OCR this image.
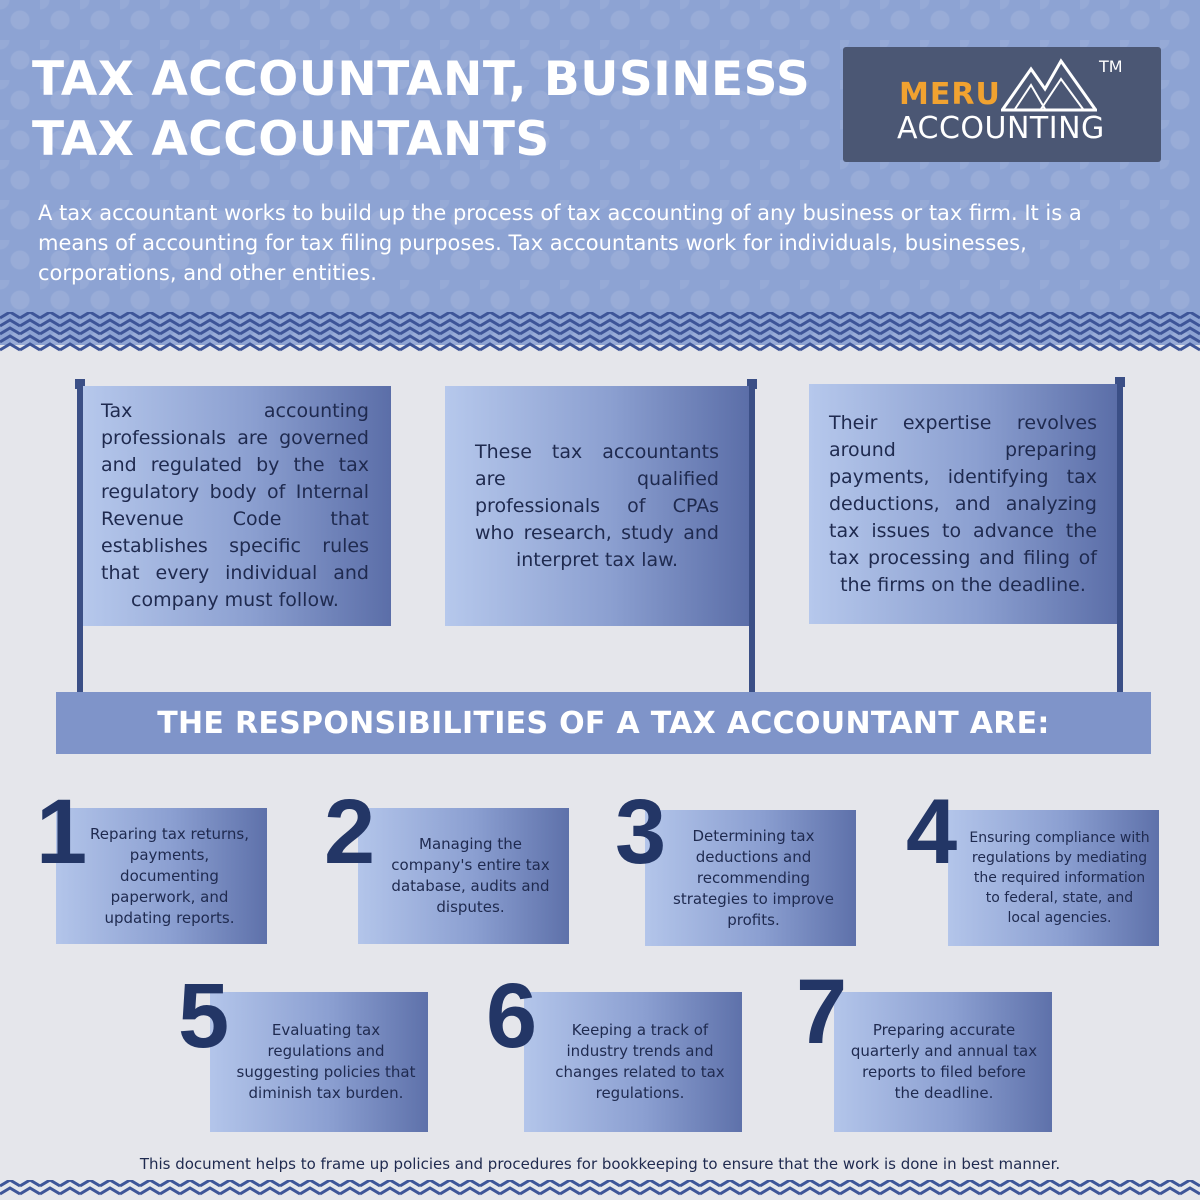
TAX ACCOUNTANT, BUSINESS
TAX ACCOUNTANTS
TM
MERU
ACCOUNTING

A tax accountant works to build up the process of tax accounting of any business or tax firm. It is a means of accounting for tax filing purposes. Tax accountants work for individuals, businesses, corporations, and other entities.

Tax accounting professionals are governed and regulated by the tax regulatory body of Internal Revenue Code that establishes specific rules that every individual and company must follow.

These tax accountants are qualified professionals of CPAs who research, study and interpret tax law.

Their expertise revolves around preparing payments, identifying tax deductions, and analyzing tax issues to advance the tax processing and filing of the firms on the deadline.

THE RESPONSIBILITIES OF A TAX ACCOUNTANT ARE:
Reparing tax returns, payments, documenting paperwork, and updating reports.
1	Managing the company's entire tax database, audits and disputes.
2	Determining tax deductions and recommending strategies to improve profits.
3	Ensuring compliance with regulations by mediating the required information to federal, state, and local agencies.
4
Evaluating tax regulations and suggesting policies that diminish tax burden.
5	Keeping a track of industry trends and changes related to tax regulations.
6	Preparing accurate quarterly and annual tax reports to filed before the deadline.
7

This document helps to frame up policies and procedures for bookkeeping to ensure that the work is done in best manner.
